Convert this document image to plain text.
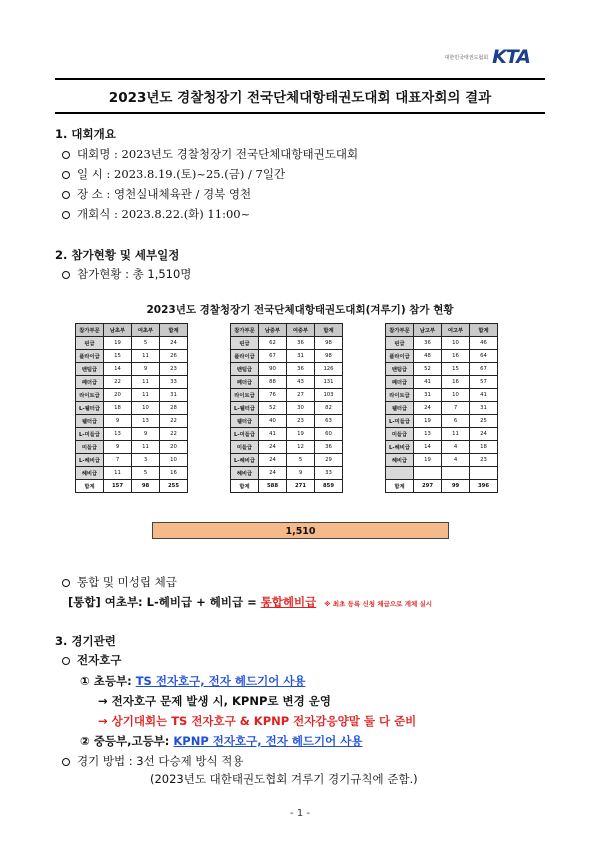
대한민국태권도협회 KTA
2023년도 경찰청장기 전국단체대항태권도대회 대표자회의 결과
1. 대회개요
대회명 : 2023년도 경찰청장기 전국단체대항태권도대회
일 시 : 2023.8.19.(토)~25.(금) / 7일간
장 소 : 영천실내체육관 / 경북 영천
개회식 : 2023.8.22.(화) 11:00~
2. 참가현황 및 세부일정
참가현황 : 총 1,510명
2023년도 경찰청장기 전국단체대항태권도대회(겨루기) 참가 현황
참가부문	남초부	여초부	합계
핀급	19	5	24
플라이급	15	11	26
밴텀급	14	9	23
페더급	22	11	33
라이트급	20	11	31
L-웰터급	18	10	28
웰터급	9	13	22
L-미들급	13	9	22
미들급	9	11	20
L-헤비급	7	3	10
헤비급	11	5	16
합계	157	98	255
참가부문	남중부	여중부	합계
핀급	62	36	98
플라이급	67	31	98
밴텀급	90	36	126
페더급	88	43	131
라이트급	76	27	103
L-웰터급	52	30	82
웰터급	40	23	63
L-미들급	41	19	60
미들급	24	12	36
L-헤비급	24	5	29
헤비급	24	9	33
합계	588	271	859
참가부문	남고부	여고부	합계
핀급	36	10	46
플라이급	48	16	64
밴텀급	52	15	67
페더급	41	16	57
라이트급	31	10	41
웰터급	24	7	31
L-미들급	19	6	25
미들급	13	11	24
L-헤비급	14	4	18
헤비급	19	4	23

합계	297	99	396
1,510
통합 및 미성립 체급
[통합] 여초부: L-헤비급 + 헤비급 = 통합헤비급 ※ 최초 등록 신청 체급으로 계체 실시
3. 경기관련
전자호구
① 초등부: TS 전자호구, 전자 헤드기어 사용
→ 전자호구 문제 발생 시, KPNP로 변경 운영
→ 상기대회는 TS 전자호구 & KPNP 전자감응양말 둘 다 준비
② 중등부,고등부: KPNP 전자호구, 전자 헤드기어 사용
경기 방법 : 3선 다승제 방식 적용
(2023년도 대한태권도협회 겨루기 경기규칙에 준함.)
- 1 -
